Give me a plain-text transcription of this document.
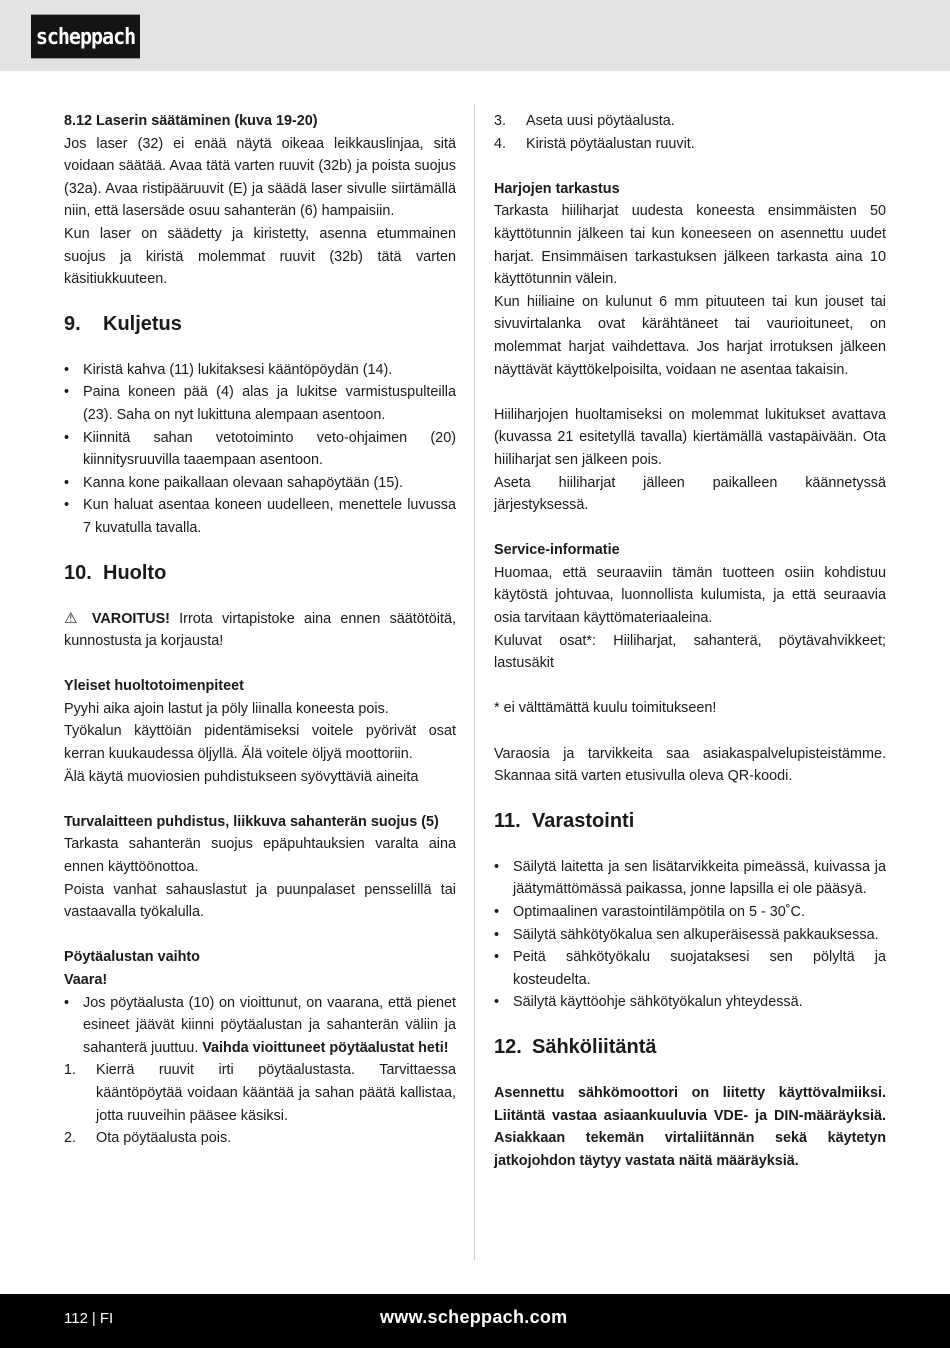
scheppach

8.12 Laserin säätäminen (kuva 19-20)

Jos laser (32) ei enää näytä oikeaa leikkauslinjaa, sitä voidaan säätää. Avaa tätä varten ruuvit (32b) ja poista suojus (32a). Avaa ristipääruuvit (E) ja säädä laser sivulle siirtämällä niin, että lasersäde osuu sahanterän (6) hampaisiin.

Kun laser on säädetty ja kiristetty, asenna etummainen suojus ja kiristä molemmat ruuvit (32b) tätä varten käsitiukkuuteen.

9.	Kuljetus
• Kiristä kahva (11) lukitaksesi kääntöpöydän (14).
• Paina koneen pää (4) alas ja lukitse varmistuspulteilla (23). Saha on nyt lukittuna alempaan asentoon.
• Kiinnitä sahan vetotoiminto veto-ohjaimen (20) kiinnitysruuvilla taaempaan asentoon.
• Kanna kone paikallaan olevaan sahapöytään (15).
• Kun haluat asentaa koneen uudelleen, menettele luvussa 7 kuvatulla tavalla.
10. Huolto

⚠ VAROITUS! Irrota virtapistoke aina ennen säätötöitä, kunnostusta ja korjausta!

Yleiset huoltotoimenpiteet

Pyyhi aika ajoin lastut ja pöly liinalla koneesta pois.

Työkalun käyttöiän pidentämiseksi voitele pyörivät osat kerran kuukaudessa öljyllä. Älä voitele öljyä moottoriin.

Älä käytä muoviosien puhdistukseen syövyttäviä aineita

Turvalaitteen puhdistus, liikkuva sahanterän suojus (5)

Tarkasta sahanterän suojus epäpuhtauksien varalta aina ennen käyttöönottoa.

Poista vanhat sahauslastut ja puunpalaset pensselillä tai vastaavalla työkalulla.

Pöytäalustan vaihto

Vaara!

• Jos pöytäalusta (10) on vioittunut, on vaarana, että pienet esineet jäävät kiinni pöytäalustan ja sahanterän väliin ja sahanterä juuttuu. Vaihda vioittuneet pöytäalustat heti!
1. Kierrä ruuvit irti pöytäalustasta. Tarvittaessa kääntöpöytää voidaan kääntää ja sahan päätä kallistaa, jotta ruuveihin pääsee käsiksi.
2. Ota pöytäalusta pois.
3. Aseta uusi pöytäalusta.
4. Kiristä pöytäalustan ruuvit.

Harjojen tarkastus

Tarkasta hiiliharjat uudesta koneesta ensimmäisten 50 käyttötunnin jälkeen tai kun koneeseen on asennettu uudet harjat. Ensimmäisen tarkastuksen jälkeen tarkasta aina 10 käyttötunnin välein.

Kun hiiliaine on kulunut 6 mm pituuteen tai kun jouset tai sivuvirtalanka ovat kärähtäneet tai vaurioituneet, on molemmat harjat vaihdettava. Jos harjat irrotuksen jälkeen näyttävät käyttökelpoisilta, voidaan ne asentaa takaisin.

Hiiliharjojen huoltamiseksi on molemmat lukitukset avattava (kuvassa 21 esitetyllä tavalla) kiertämällä vastapäivään. Ota hiiliharjat sen jälkeen pois.

Aseta hiiliharjat jälleen paikalleen käännetyssä järjestyksessä.

Service-informatie

Huomaa, että seuraaviin tämän tuotteen osiin kohdistuu käytöstä johtuvaa, luonnollista kulumista, ja että seuraavia osia tarvitaan käyttömateriaaleina.

Kuluvat osat*: Hiiliharjat, sahanterä, pöytävahvikkeet; lastusäkit

* ei välttämättä kuulu toimitukseen!

Varaosia ja tarvikkeita saa asiakaspalvelupisteistämme. Skannaa sitä varten etusivulla oleva QR-koodi.

11. Varastointi
• Säilytä laitetta ja sen lisätarvikkeita pimeässä, kuivassa ja jäätymättömässä paikassa, jonne lapsilla ei ole pääsyä.
• Optimaalinen varastointilämpötila on 5 - 30˚C.
• Säilytä sähkötyökalua sen alkuperäisessä pakkauksessa.
• Peitä sähkötyökalu suojataksesi sen pölyltä ja kosteudelta.
• Säilytä käyttöohje sähkötyökalun yhteydessä.
12. Sähköliitäntä

Asennettu sähkömoottori on liitetty käyttövalmiiksi. Liitäntä vastaa asiaankuuluvia VDE- ja DIN-määräyksiä. Asiakkaan tekemän virtaliitännän sekä käytetyn jatkojohdon täytyy vastata näitä määräyksiä.

112 | FI	www.scheppach.com
